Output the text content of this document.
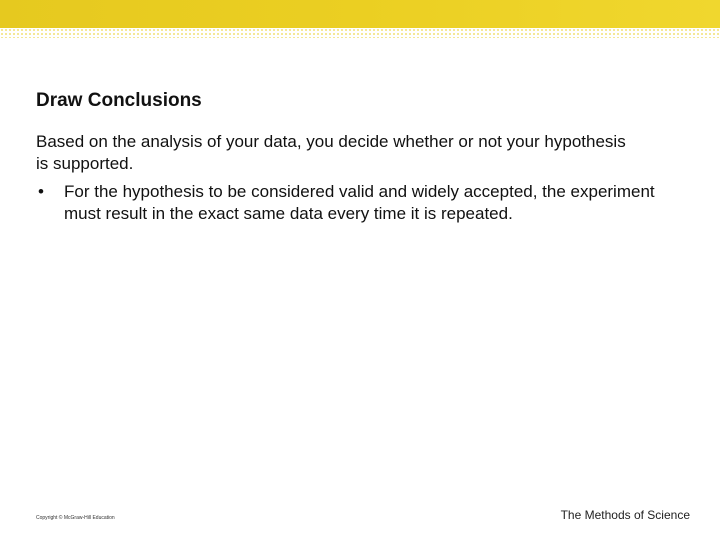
Draw Conclusions

Based on the analysis of your data, you decide whether or not your hypothesis is supported.

•	For the hypothesis to be considered valid and widely accepted, the experiment must result in the exact same data every time it is repeated.
Copyright © McGraw-Hill Education	The Methods of Science
